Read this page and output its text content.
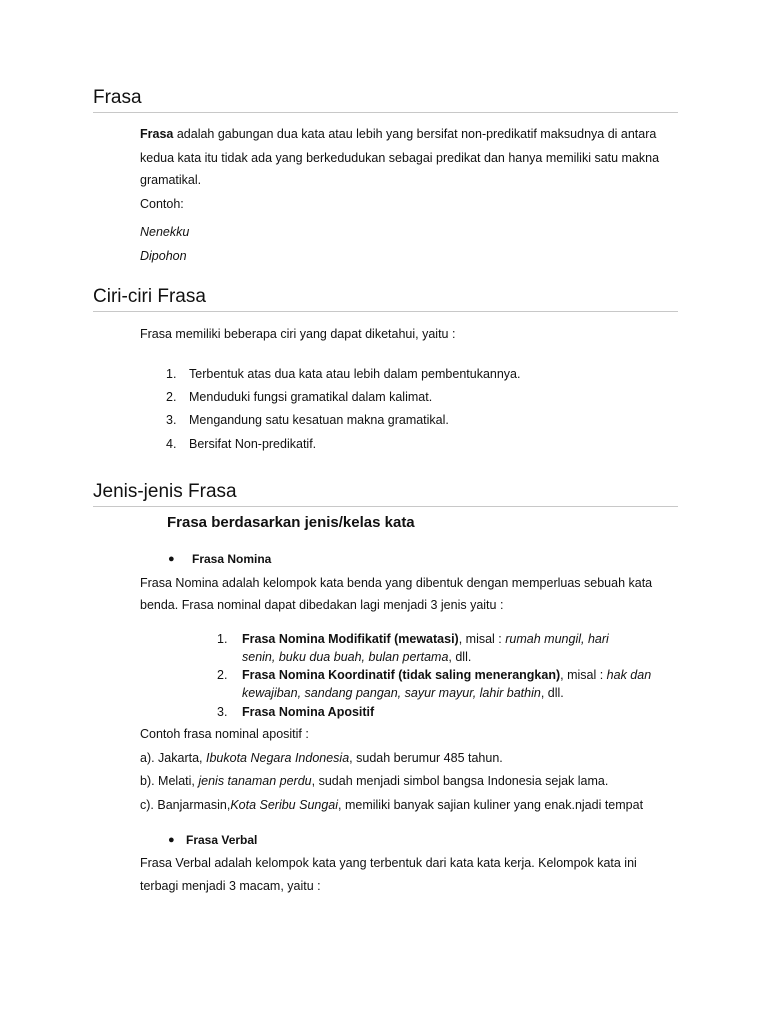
Frasa

Frasa adalah gabungan dua kata atau lebih yang bersifat non-predikatif maksudnya di antara

kedua kata itu tidak ada yang berkedudukan sebagai predikat dan hanya memiliki satu makna

gramatikal.

Contoh:

Nenekku

Dipohon

Ciri-ciri Frasa

Frasa memiliki beberapa ciri yang dapat diketahui, yaitu :

1. Terbentuk atas dua kata atau lebih dalam pembentukannya.

2. Menduduki fungsi gramatikal dalam kalimat.

3. Mengandung satu kesatuan makna gramatikal.

4. Bersifat Non-predikatif.

Jenis-jenis Frasa

Frasa berdasarkan jenis/kelas kata

● Frasa Nomina

Frasa Nomina adalah kelompok kata benda yang dibentuk dengan memperluas sebuah kata

benda. Frasa nominal dapat dibedakan lagi menjadi 3 jenis yaitu :

1. Frasa Nomina Modifikatif (mewatasi), misal : rumah mungil, hari

senin, buku dua buah, bulan pertama, dll.

2. Frasa Nomina Koordinatif (tidak saling menerangkan), misal : hak dan

kewajiban, sandang pangan, sayur mayur, lahir bathin, dll.

3. Frasa Nomina Apositif

Contoh frasa nominal apositif :

a). Jakarta, Ibukota Negara Indonesia, sudah berumur 485 tahun.

b). Melati, jenis tanaman perdu, sudah menjadi simbol bangsa Indonesia sejak lama.

c). Banjarmasin,Kota Seribu Sungai, memiliki banyak sajian kuliner yang enak.njadi tempat

● Frasa Verbal

Frasa Verbal adalah kelompok kata yang terbentuk dari kata kata kerja. Kelompok kata ini

terbagi menjadi 3 macam, yaitu :
